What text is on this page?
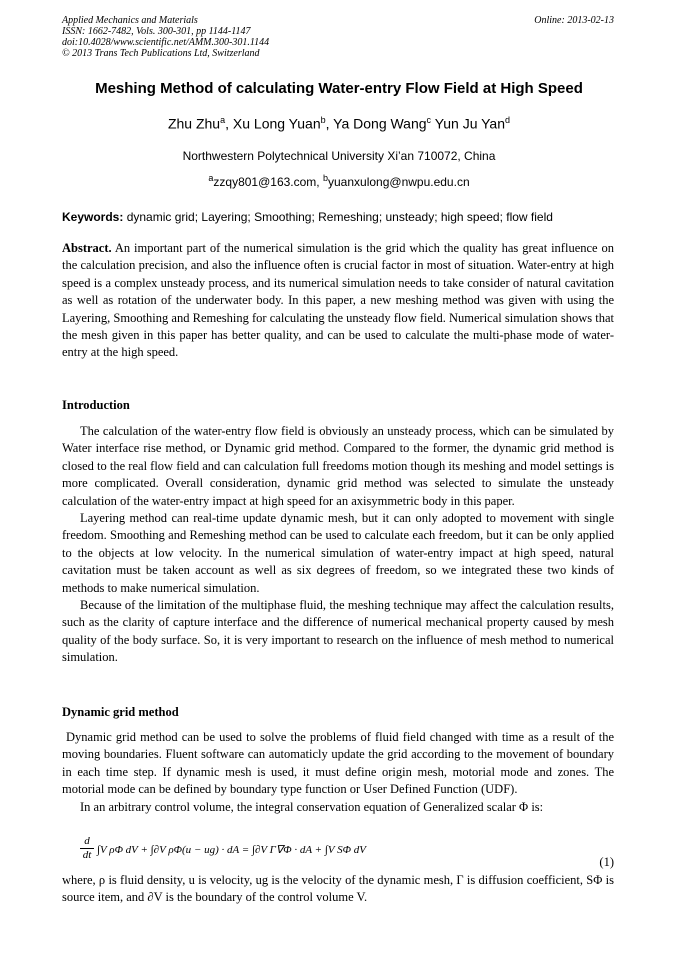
Applied Mechanics and Materials
ISSN: 1662-7482, Vols. 300-301, pp 1144-1147
doi:10.4028/www.scientific.net/AMM.300-301.1144
© 2013 Trans Tech Publications Ltd, Switzerland
Online: 2013-02-13
Meshing Method of calculating Water-entry Flow Field at High Speed
Zhu Zhu$^a$, Xu Long Yuan$^b$, Ya Dong Wang$^c$ Yun Ju Yan$^d$
Northwestern Polytechnical University Xi’an 710072, China
$^a$zzqy801@163.com, $^b$yuanxulong@nwpu.edu.cn
Keywords: dynamic grid; Layering; Smoothing; Remeshing; unsteady; high speed; flow field

Abstract. An important part of the numerical simulation is the grid which the quality has great influence on the calculation precision, and also the influence often is crucial factor in most of situation. Water-entry at high speed is a complex unsteady process, and its numerical simulation needs to take consider of natural cavitation as well as rotation of the underwater body. In this paper, a new meshing method was given with using the Layering, Smoothing and Remeshing for calculating the unsteady flow field. Numerical simulation shows that the mesh given in this paper has better quality, and can be used to calculate the multi-phase mode of water-entry at the high speed.

Introduction

The calculation of the water-entry flow field is obviously an unsteady process, which can be simulated by Water interface rise method, or Dynamic grid method. Compared to the former, the dynamic grid method is closed to the real flow field and can calculation full freedoms motion though its meshing and model settings is more complicated. Overall consideration, dynamic grid method was selected to simulate the unsteady calculation of the water-entry impact at high speed for an axisymmetric body in this paper.

Layering method can real-time update dynamic mesh, but it can only adopted to movement with single freedom. Smoothing and Remeshing method can be used to calculate each freedom, but it can be only applied to the objects at low velocity. In the numerical simulation of water-entry impact at high speed, natural cavitation must be taken account as well as six degrees of freedom, so we integrated these two kinds of methods to make numerical simulation.

Because of the limitation of the multiphase fluid, the meshing technique may affect the calculation results, such as the clarity of capture interface and the difference of numerical mechanical property caused by mesh quality of the body surface. So, it is very important to research on the influence of mesh method to numerical simulation.

Dynamic grid method

Dynamic grid method can be used to solve the problems of fluid field changed with time as a result of the moving boundaries. Fluent software can automaticly update the grid according to the movement of boundary in each time step. If dynamic mesh is used, it must define origin mesh, motorial mode and zones. The motorial mode can be defined by boundary type function or User Defined Function (UDF).

In an arbitrary control volume, the integral conservation equation of Generalized scalar Φ is:

$\frac{d}{dt} \int V$ ρΦ dV + ∫∂V ρΦ(u − ug) · dA = ∫∂V Γ∇Φ · dA + ∫V SΦ dV
(1)

where, ρ is fluid density, u is velocity, ug is the velocity of the dynamic mesh, Γ is diffusion coefficient, SΦ is source item, and ∂V is the boundary of the control volume V.
